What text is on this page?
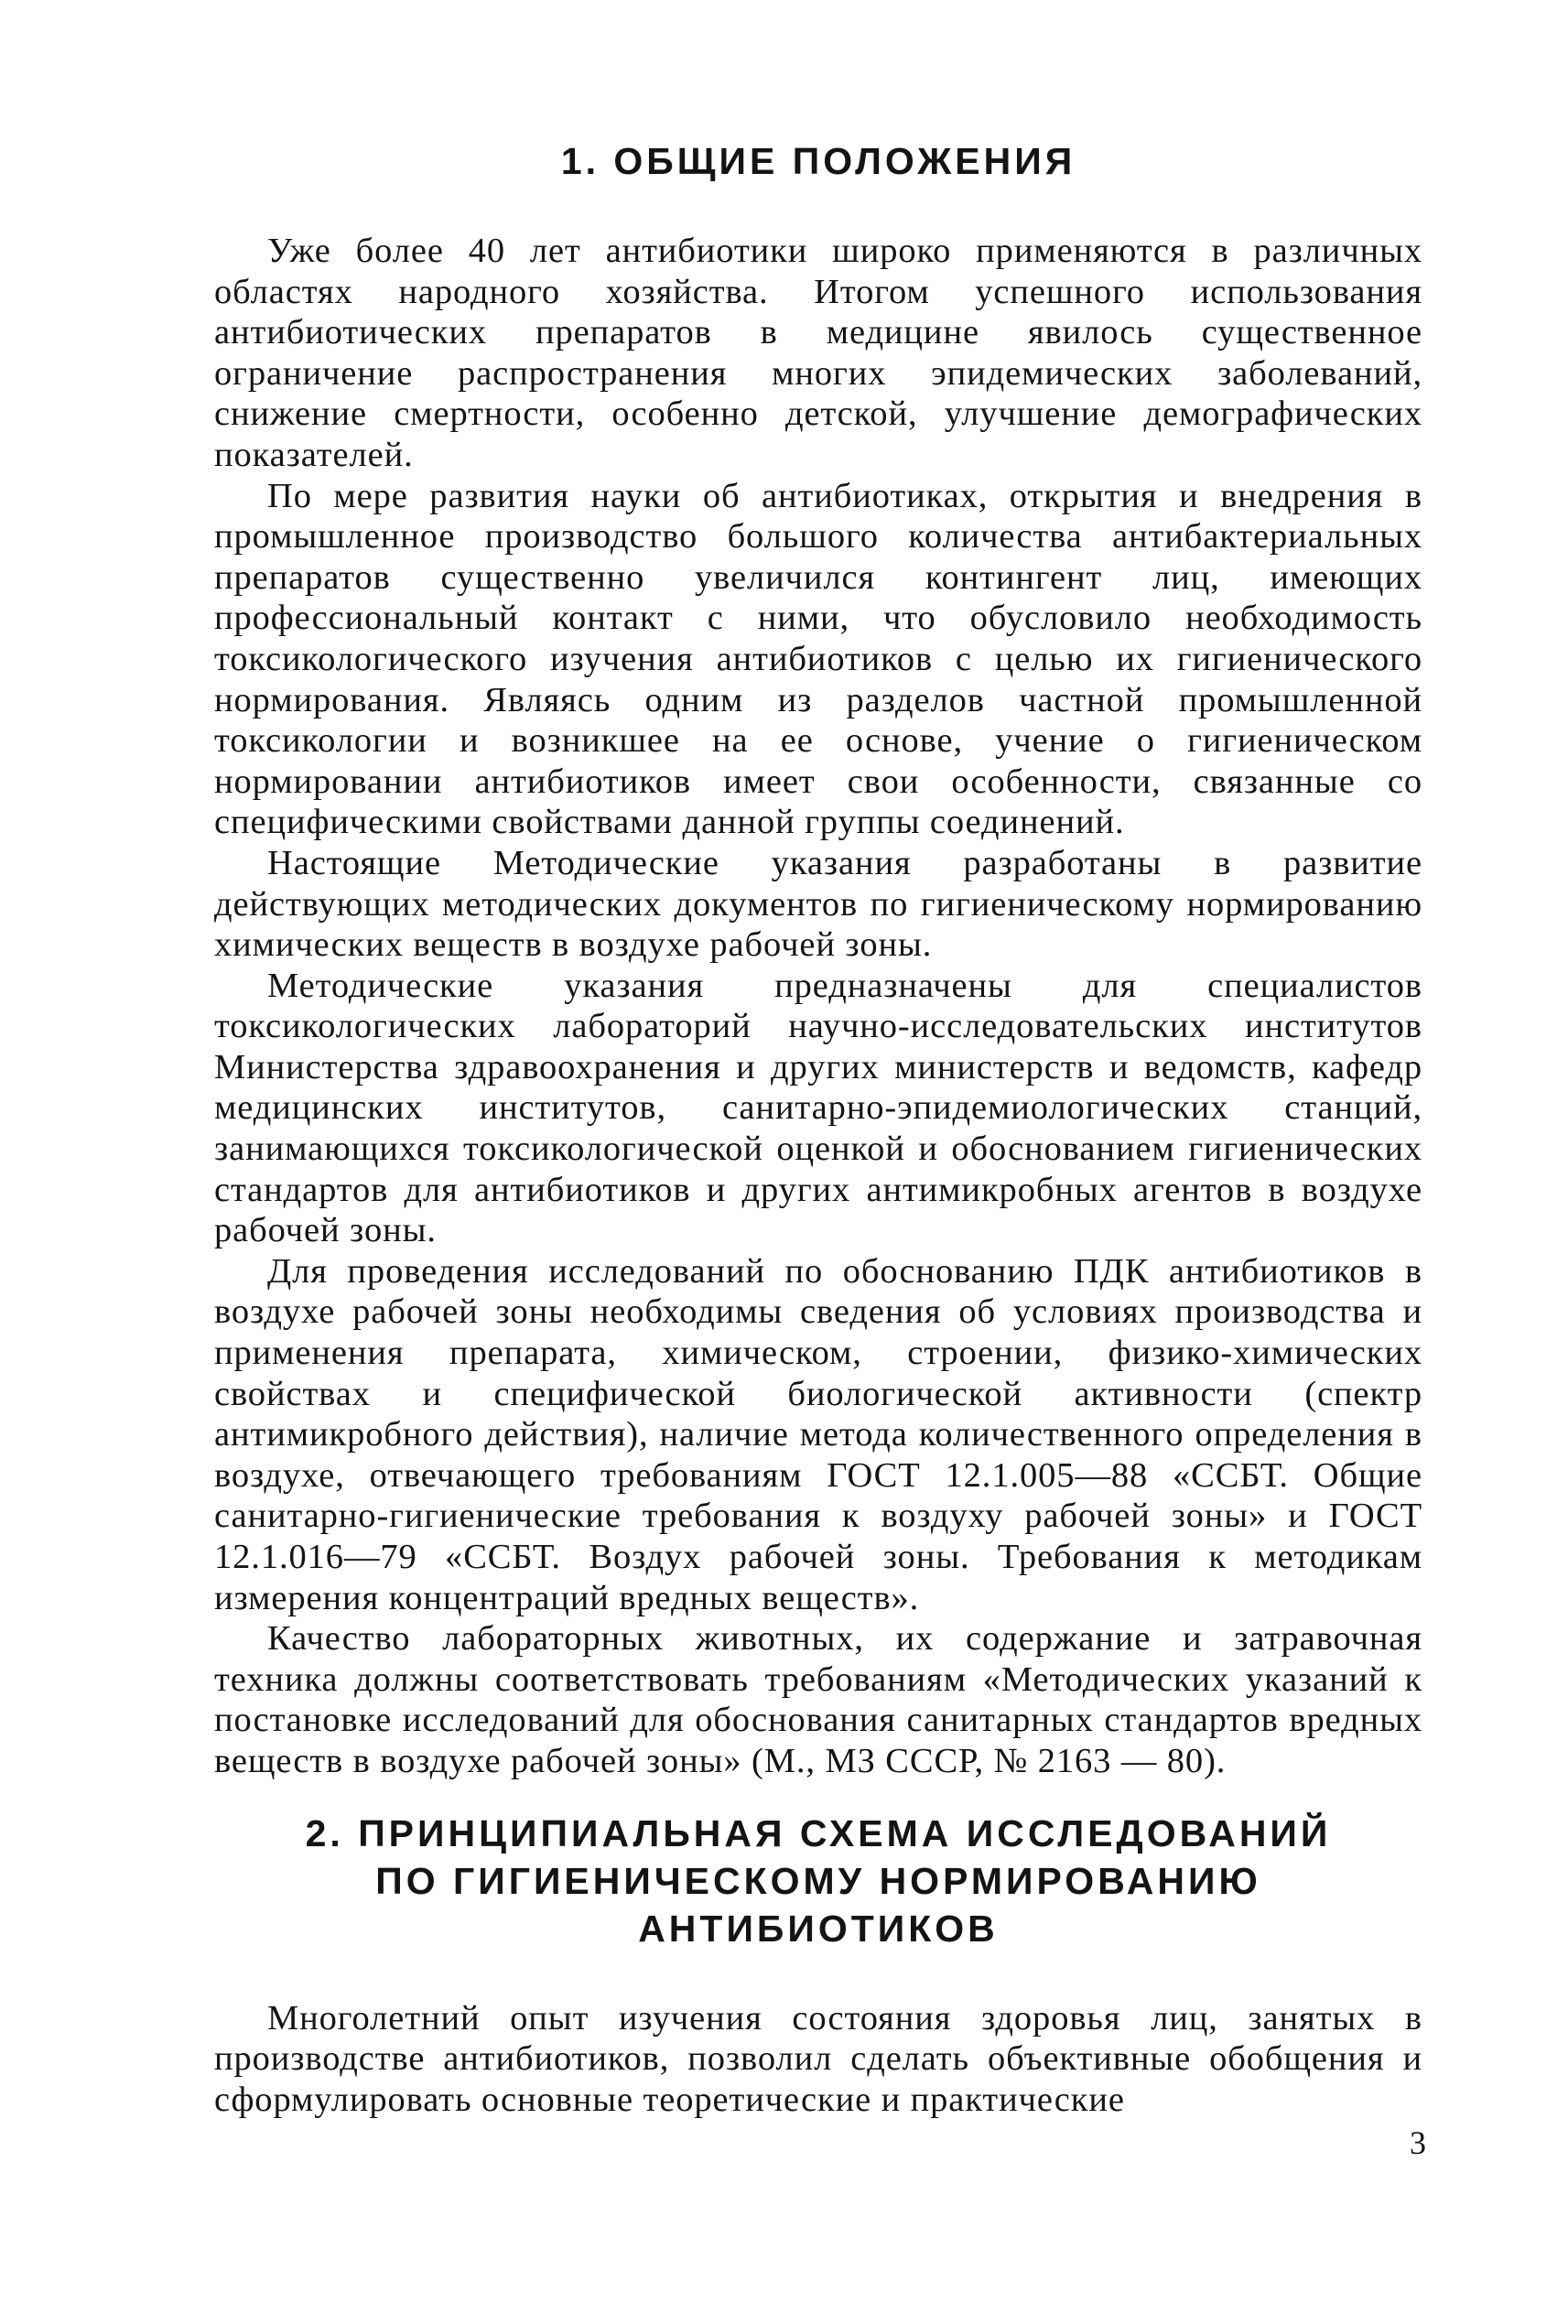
1. ОБЩИЕ ПОЛОЖЕНИЯ

Уже более 40 лет антибиотики широко применяются в различных областях народного хозяйства. Итогом успешного использования антибиотических препаратов в медицине явилось существенное ограничение распространения многих эпидемических заболеваний, снижение смертности, особенно детской, улучшение демографических показателей.

По мере развития науки об антибиотиках, открытия и внедрения в промышленное производство большого количества антибактериальных препаратов существенно увеличился контингент лиц, имеющих профессиональный контакт с ними, что обусловило необходимость токсикологического изучения антибиотиков с целью их гигиенического нормирования. Являясь одним из разделов частной промышленной токсикологии и возникшее на ее основе, учение о гигиеническом нормировании антибиотиков имеет свои особенности, связанные со специфическими свойствами данной группы соединений.

Настоящие Методические указания разработаны в развитие действующих методических документов по гигиеническому нормированию химических веществ в воздухе рабочей зоны.

Методические указания предназначены для специалистов токсикологических лабораторий научно-исследовательских институтов Министерства здравоохранения и других министерств и ведомств, кафедр медицинских институтов, санитарно-эпидемиологических станций, занимающихся токсикологической оценкой и обоснованием гигиенических стандартов для антибиотиков и других антимикробных агентов в воздухе рабочей зоны.

Для проведения исследований по обоснованию ПДК антибиотиков в воздухе рабочей зоны необходимы сведения об условиях производства и применения препарата, химическом, строении, физико-химических свойствах и специфической биологической активности (спектр антимикробного действия), наличие метода количественного определения в воздухе, отвечающего требованиям ГОСТ 12.1.005—88 «ССБТ. Общие санитарно-гигиенические требования к воздуху рабочей зоны» и ГОСТ 12.1.016—79 «ССБТ. Воздух рабочей зоны. Требования к методикам измерения концентраций вредных веществ».

Качество лабораторных животных, их содержание и затравочная техника должны соответствовать требованиям «Методических указаний к постановке исследований для обоснования санитарных стандартов вредных веществ в воздухе рабочей зоны» (М., МЗ СССР, № 2163 — 80).

2. ПРИНЦИПИАЛЬНАЯ СХЕМА ИССЛЕДОВАНИЙ
ПО ГИГИЕНИЧЕСКОМУ НОРМИРОВАНИЮ АНТИБИОТИКОВ

Многолетний опыт изучения состояния здоровья лиц, занятых в производстве антибиотиков, позволил сделать объективные обобщения и сформулировать основные теоретические и практические

3
